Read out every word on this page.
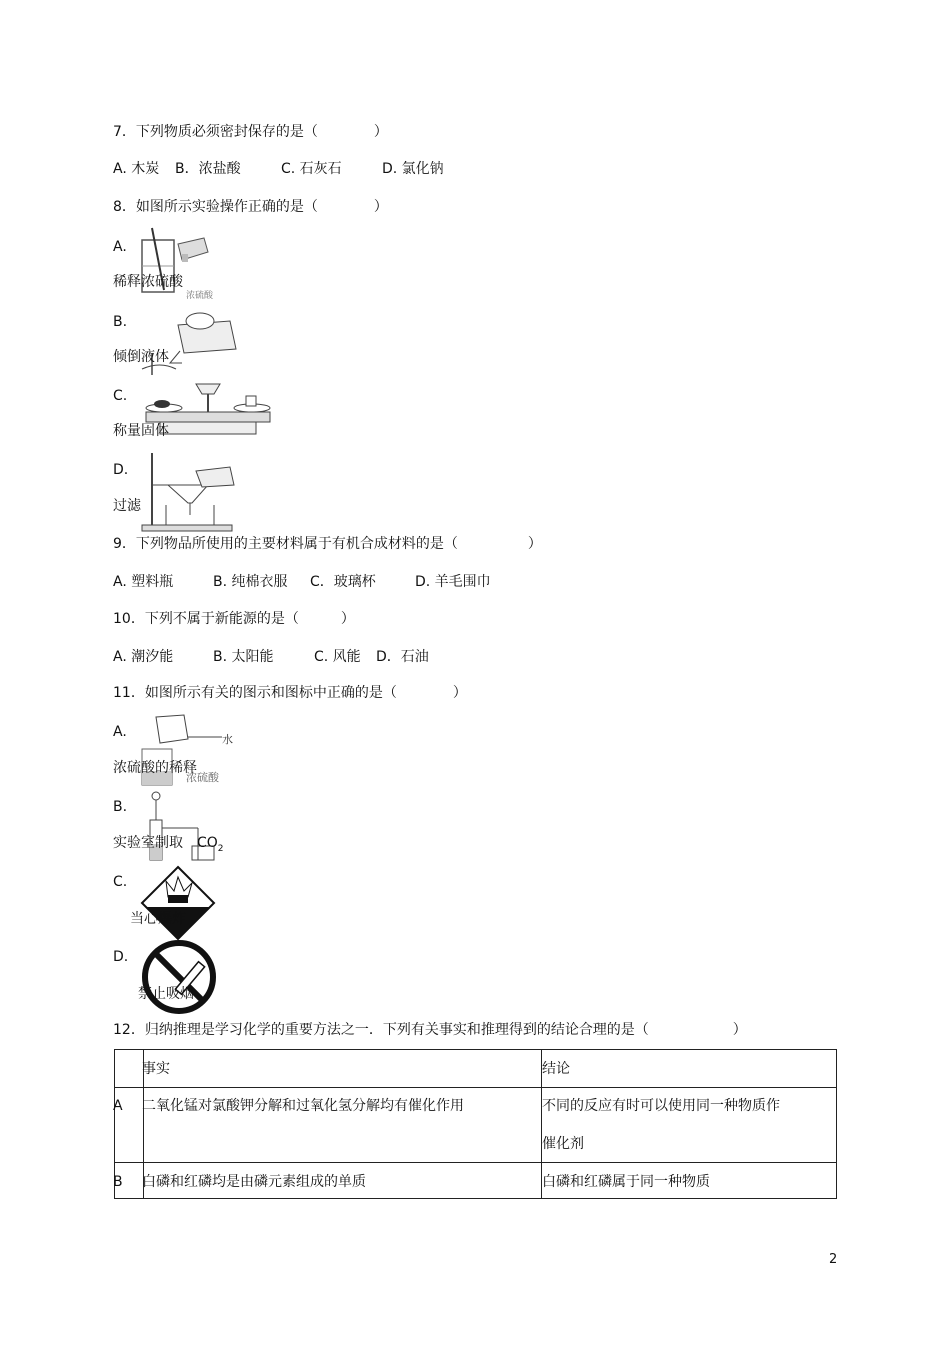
7．下列物质必须密封保存的是（　　　　）
A. 木炭 B．浓盐酸	C. 石灰石	D. 氯化钠
8．如图所示实验操作正确的是（　　　　）
A.
浓硫酸
稀释浓硫酸
B.
倾倒液体
C.
称量固体
D.
过滤
9．下列物品所使用的主要材料属于有机合成材料的是（　　　　　）
A. 塑料瓶	B. 纯棉衣服 C．玻璃杯	D. 羊毛围巾
10．下列不属于新能源的是（　　　）
A. 潮汐能	B. 太阳能	C. 风能 D．石油
11．如图所示有关的图示和图标中正确的是（　　　　）
A.	水
浓硫酸
浓硫酸的稀释
B.
实验室制取　$CO_2$
C.
当心爆炸
D.
禁止吸烟
12．归纳推理是学习化学的重要方法之一．下列有关事实和推理得到的结论合理的是（　　　　　　）
事实	结论
A 二氧化锰对氯酸钾分解和过氧化氢分解均有催化作用	不同的反应有时可以使用同一种物质作
催化剂
B 白磷和红磷均是由磷元素组成的单质	白磷和红磷属于同一种物质
2
